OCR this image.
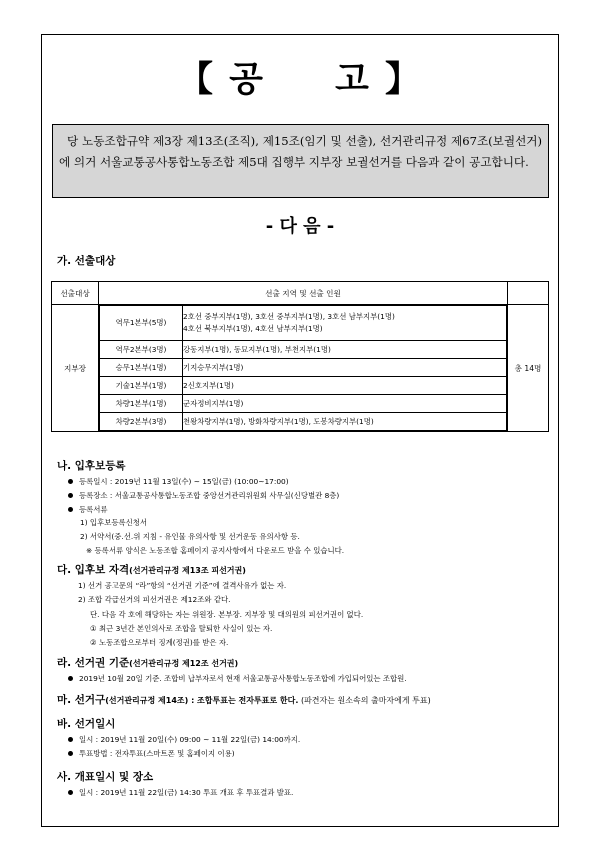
【 공 고 】

당 노동조합규약 제3장 제13조(조직), 제15조(임기 및 선출), 선거관리규정 제67조(보궐선거)에 의거 서울교통공사통합노동조합 제5대 집행부 지부장 보궐선거를 다음과 같이 공고합니다.

- 다 음 -
가. 선출대상
선출대상	선출 지역 및 선출 인원	
지부장	
역무1본부(5명)	2호선 중부지부(1명), 3호선 중부지부(1명), 3호선 남부지부(1명)
4호선 북부지부(1명), 4호선 남부지부(1명)
역무2본부(3명)	강동지부(1명), 동묘지부(1명), 부천지부(1명)
승무1본부(1명)	기지승무지부(1명)
기술1본부(1명)	2신호지부(1명)
차량1본부(1명)	군자정비지부(1명)
차량2본부(3명)	천왕차량지부(1명), 방화차량지부(1명), 도봉차량지부(1명)
	총 14명
나. 입후보등록
등록일시 : 2019년 11월 13일(수) ~ 15일(금) (10:00~17:00)
등록장소 : 서울교통공사통합노동조합 중앙선거관리위원회 사무실(신당별관 8층)
등록서류
1) 입후보등록신청서
2) 서약서(중.선.위 지침 - 유인물 유의사항 및 선거운동 유의사항 등.
※ 등록서류 양식은 노동조합 홈페이지 공지사항에서 다운로드 받을 수 있습니다.
다. 입후보 자격(선거관리규정 제13조 피선거권)
1) 선거 공고문의 “라”항의 “선거권 기준”에 결격사유가 없는 자.
2) 조합 각급선거의 피선거권은 제12조와 같다.
단. 다음 각 호에 해당하는 자는 위원장. 본부장. 지부장 및 대의원의 피선거권이 없다.
① 최근 3년간 본인의사로 조합을 탈퇴한 사실이 있는 자.
② 노동조합으로부터 징계(정권)를 받은 자.
라. 선거권 기준(선거관리규정 제12조 선거권)
2019년 10월 20일 기준. 조합비 납부자로서 현재 서울교통공사통합노동조합에 가입되어있는 조합원.
마. 선거구(선거관리규정 제14조) : 조합투표는 전자투표로 한다. (파견자는 원소속의 출마자에게 투표)
바. 선거일시
일시 : 2019년 11월 20일(수) 09:00 ~ 11월 22일(금) 14:00까지.
투표방법 : 전자투표(스마트폰 및 홈페이지 이용)
사. 개표일시 및 장소
일시 : 2019년 11월 22일(금) 14:30 투표 개표 후 투표결과 발표.
